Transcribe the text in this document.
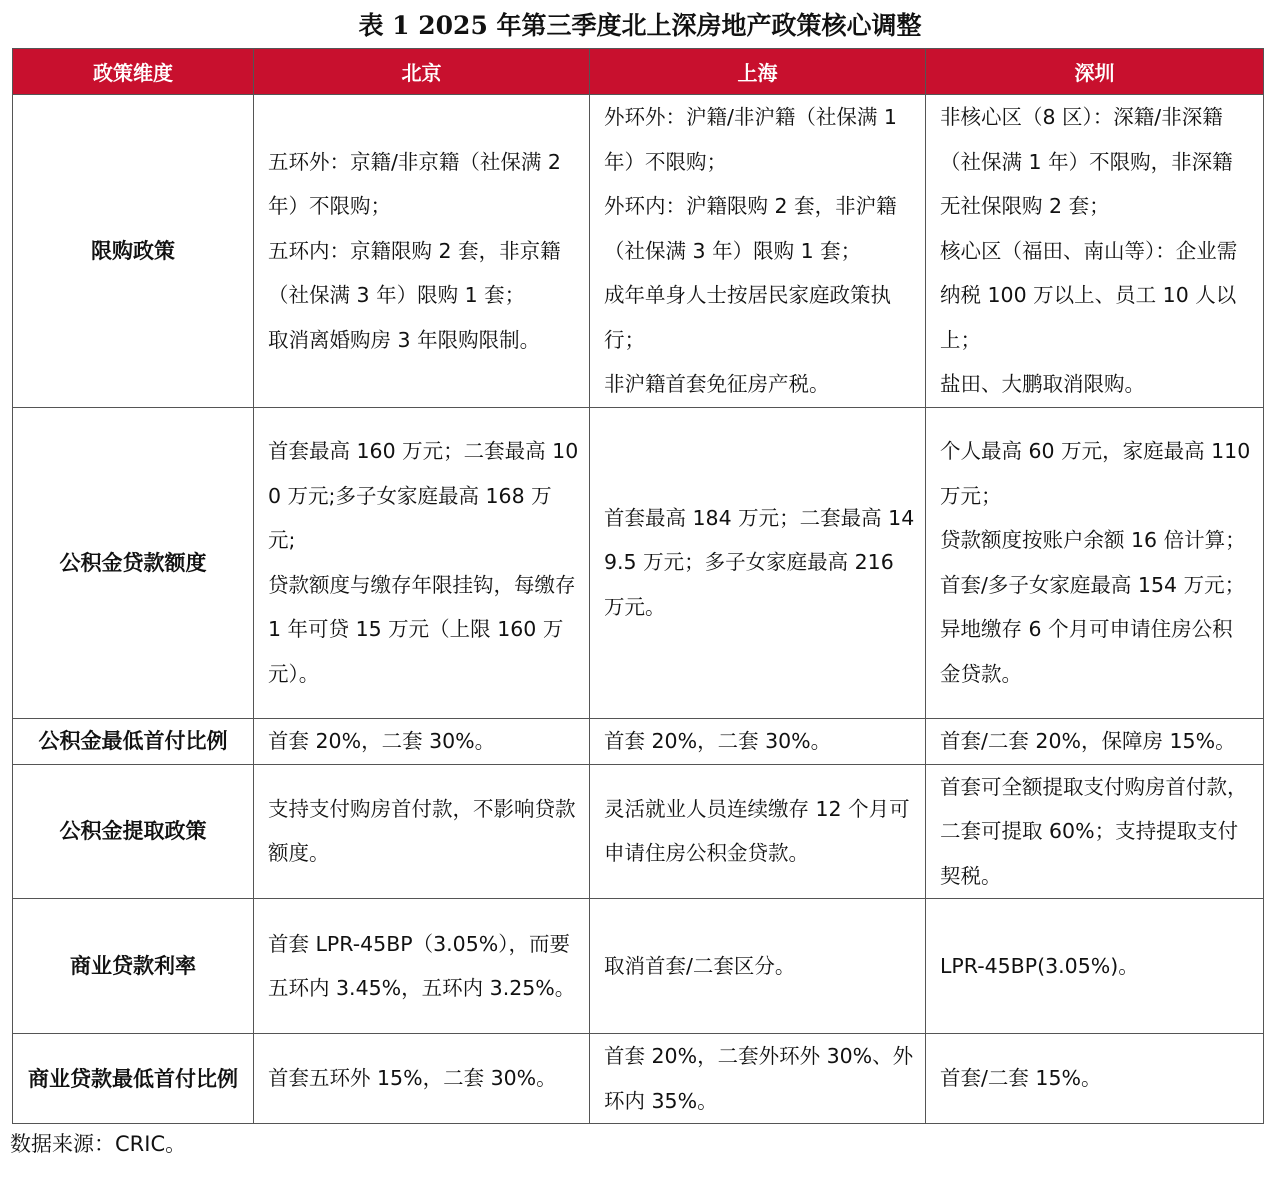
表 1 2025 年第三季度北上深房地产政策核心调整
政策维度	北京	上海	深圳
限购政策	五环外：京籍/非京籍（社保满 2 年）不限购；
五环内：京籍限购 2 套，非京籍（社保满 3 年）限购 1 套；
取消离婚购房 3 年限购限制。	外环外：沪籍/非沪籍（社保满 1 年）不限购；
外环内：沪籍限购 2 套，非沪籍（社保满 3 年）限购 1 套；
成年单身人士按居民家庭政策执行；
非沪籍首套免征房产税。	非核心区（8 区）：深籍/非深籍（社保满 1 年）不限购，非深籍无社保限购 2 套；
核心区（福田、南山等）：企业需纳税 100 万以上、员工 10 人以上；
盐田、大鹏取消限购。

公积金贷款额度	首套最高 160 万元；二套最高 100 万元;多子女家庭最高 168 万元;
贷款额度与缴存年限挂钩，每缴存 1 年可贷 15 万元（上限 160 万元）。	首套最高 184 万元；二套最高 149.5 万元；多子女家庭最高 216 万元。	个人最高 60 万元，家庭最高 110 万元；
贷款额度按账户余额 16 倍计算；
首套/多子女家庭最高 154 万元；异地缴存 6 个月可申请住房公积金贷款。

公积金最低首付比例	首套 20%，二套 30%。	首套 20%，二套 30%。	首套/二套 20%，保障房 15%。

公积金提取政策	支持支付购房首付款，不影响贷款额度。	灵活就业人员连续缴存 12 个月可申请住房公积金贷款。	首套可全额提取支付购房首付款，二套可提取 60%；支持提取支付契税。

商业贷款利率	首套 LPR-45BP（3.05%），而要五环内 3.45%，五环内 3.25%。	取消首套/二套区分。	LPR-45BP(3.05%)。

商业贷款最低首付比例	首套五环外 15%，二套 30%。	首套 20%，二套外环外 30%、外环内 35%。	首套/二套 15%。
数据来源：CRIC。
